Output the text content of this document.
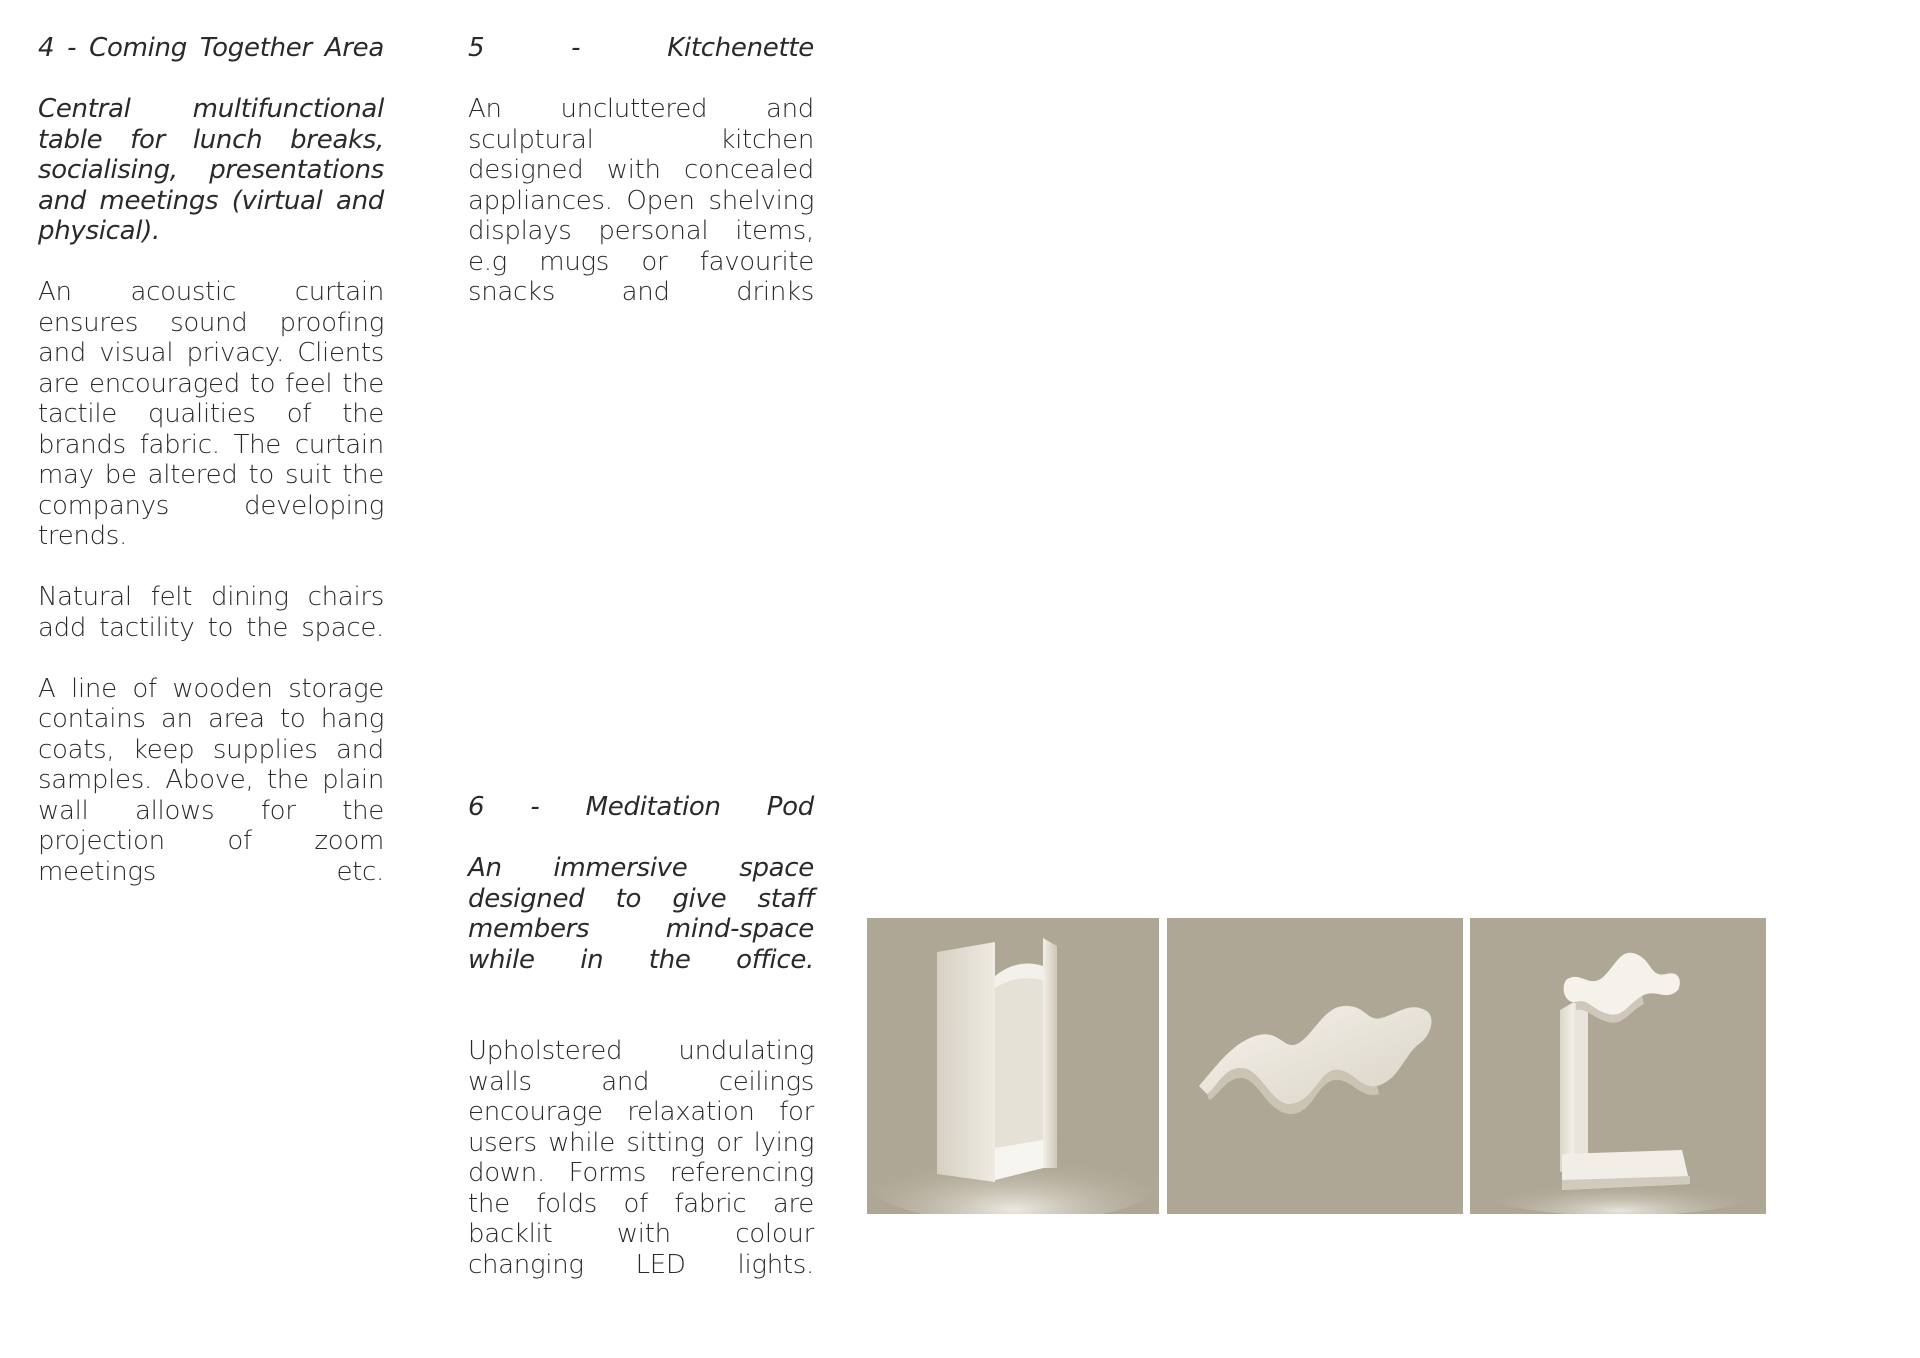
4 - Coming Together Area

Central multifunctional table for lunch breaks, socialising, presentations and meetings (virtual and physical).

An acoustic curtain ensures sound proofing and visual privacy. Clients are encouraged to feel the tactile qualities of the brands fabric. The curtain may be altered to suit the companys developing trends.

Natural felt dining chairs add tactility to the space.

A line of wooden storage contains an area to hang coats, keep supplies and samples. Above, the plain wall allows for the projection of zoom meetings etc.

5	-	Kitchenette

An uncluttered and sculptural kitchen designed with concealed appliances. Open shelving displays personal items, e.g mugs or favourite snacks and drinks

6 - Meditation Pod

An immersive space designed to give staff members mind-space while in the office.

Upholstered undulating walls and ceilings encourage relaxation for users while sitting or lying down. Forms referencing the folds of fabric are backlit with colour changing LED lights.
